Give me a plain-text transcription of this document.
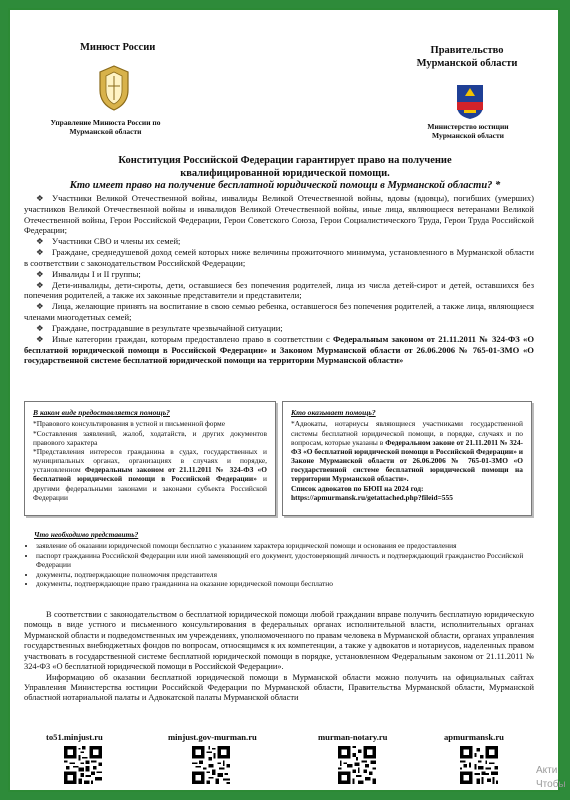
Минюст России
Управление Минюста России по Мурманской области
Правительство Мурманской области
Министерство юстиции Мурманской области
Конституция Российской Федерации гарантирует право на получение
квалифицированной юридической помощи.
Кто имеет право на получение бесплатной юридической помощи в Мурманской области? *

❖ Участники Великой Отечественной войны, инвалиды Великой Отечественной войны, вдовы (вдовцы), погибших (умерших) участников Великой Отечественной войны и инвалидов Великой Отечественной войны, иные лица, являющиеся ветеранами Великой Отечественной войны, Герои Российской Федерации, Герои Советского Союза, Герои Социалистического Труда, Герои Труда Российской Федерации;

❖ Участники СВО и члены их семей;

❖ Граждане, среднедушевой доход семей которых ниже величины прожиточного минимума, установленного в Мурманской области в соответствии с законодательством Российской Федерации;

❖ Инвалиды I и II группы;

❖ Дети-инвалиды, дети-сироты, дети, оставшиеся без попечения родителей, лица из числа детей-сирот и детей, оставшихся без попечения родителей, а также их законные представители и представители;

❖ Лица, желающие принять на воспитание в свою семью ребенка, оставшегося без попечения родителей, а также лица, являющиеся членами многодетных семей;

❖ Граждане, пострадавшие в результате чрезвычайной ситуации;

❖ Иные категории граждан, которым предоставлено право в соответствии с Федеральным законом от 21.11.2011 № 324-ФЗ «О бесплатной юридической помощи в Российской Федерации» и Законом Мурманской области от 26.06.2006 № 765-01-ЗМО «О государственной системе бесплатной юридической помощи на территории Мурманской области»

В каком виде предоставляется помощь?

*Правового консультирования в устной и письменной форме

*Составления заявлений, жалоб, ходатайств, и других документов правового характера

*Представления интересов гражданина в судах, государственных и муниципальных органах, организациях в случаях и порядке, установленном Федеральным законом от 21.11.2011 № 324-ФЗ «О бесплатной юридической помощи в Российской Федерации» и другими федеральными законами и законами субъекта Российской Федерации

Кто оказывает помощь?

*Адвокаты, нотариусы являющиеся участниками государственной системы бесплатной юридической помощи, в порядке, случаях и по вопросам, которые указаны в Федеральном законе от 21.11.2011 № 324-ФЗ «О бесплатной юридической помощи в Российской Федерации» и Законе Мурманской области от 26.06.2006 № 765-01-ЗМО «О государственной системе бесплатной юридической помощи на территории Мурманской области».

Список адвокатов по БЮП на 2024 год:

https://apmurmansk.ru/getattached.php?fileid=555

Что необходимо представить?
• заявление об оказании юридической помощи бесплатно с указанием характера юридической помощи и основания ее предоставления
• паспорт гражданина Российской Федерации или иной заменяющий его документ, удостоверяющий личность и подтверждающий гражданство Российской Федерации
• документы, подтверждающие полномочия представителя
• документы, подтверждающие право гражданина на оказание юридической помощи бесплатно

В соответствии с законодательством о бесплатной юридической помощи любой гражданин вправе получить бесплатную юридическую помощь в виде устного и письменного консультирования в федеральных органах исполнительной власти, исполнительных органах Мурманской области и подведомственных им учреждениях, уполномоченного по правам человека в Мурманской области, органах управления государственных внебюджетных фондов по вопросам, относящимся к их компетенции, а также у адвокатов и нотариусов, наделенных правом участвовать в государственной системе бесплатной юридической помощи в порядке, установленном Федеральным законом от 21.11.2011 № 324-ФЗ «О бесплатной юридической помощи в Российской Федерации».

Информацию об оказании бесплатной юридической помощи в Мурманской области можно получить на официальных сайтах Управления Министерства юстиции Российской Федерации по Мурманской области, Правительства Мурманской области, Мурманской областной нотариальной палаты и Адвокатской палаты Мурманской области

to51.minjust.ru	minjust.gov-murman.ru	murman-notary.ru	apmurmansk.ru
Акти
Чтобы
